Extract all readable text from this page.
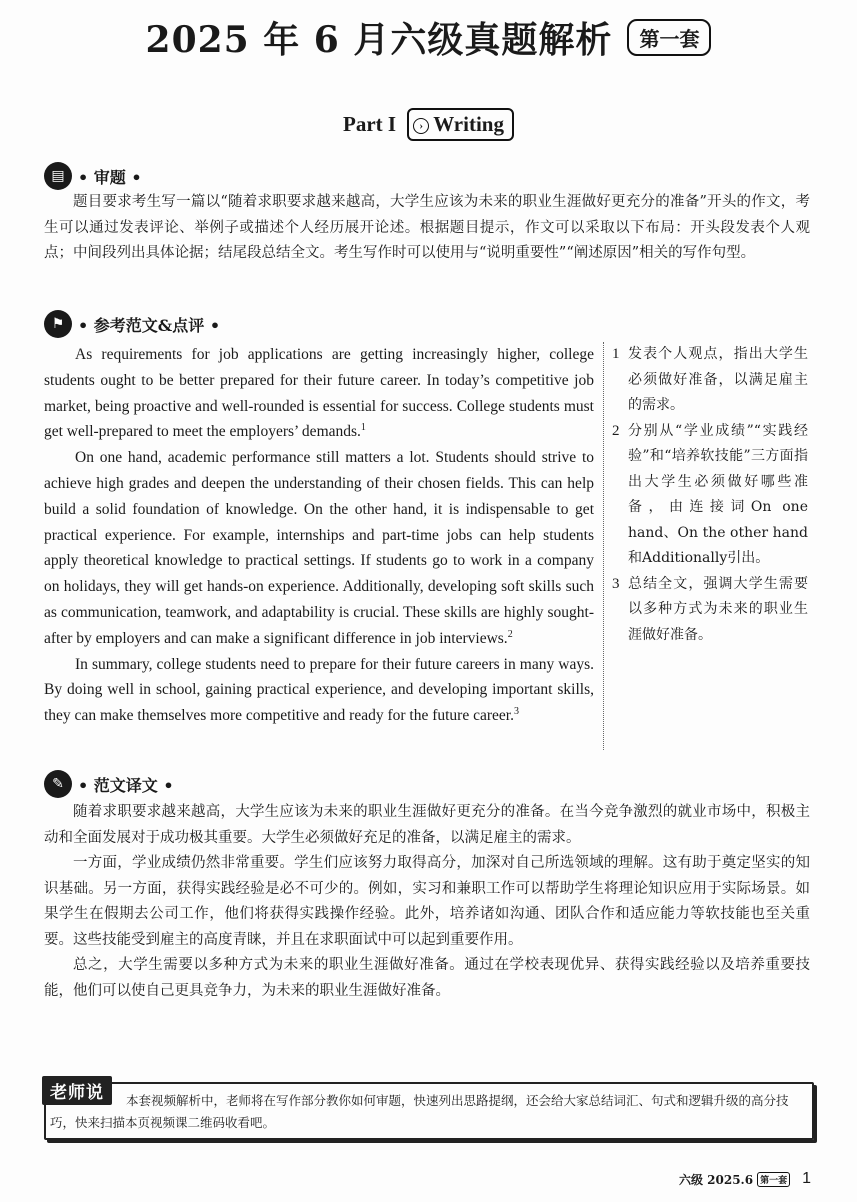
2025 年 6 月六级真题解析 第一套
Part I › Writing
▤ • 审题 •

题目要求考生写一篇以“随着求职要求越来越高，大学生应该为未来的职业生涯做好更充分的准备”开头的作文，考生可以通过发表评论、举例子或描述个人经历展开论述。根据题目提示，作文可以采取以下布局：开头段发表个人观点；中间段列出具体论据；结尾段总结全文。考生写作时可以使用与“说明重要性”“阐述原因”相关的写作句型。

⚑ • 参考范文&点评 •

As requirements for job applications are getting increasingly higher, college students ought to be better prepared for their future career. In today’s competitive job market, being proactive and well-rounded is essential for success. College students must get well-prepared to meet the employers’ demands.$^1$

On one hand, academic performance still matters a lot. Students should strive to achieve high grades and deepen the understanding of their chosen fields. This can help build a solid foundation of knowledge. On the other hand, it is indispensable to get practical experience. For example, internships and part-time jobs can help students apply theoretical knowledge to practical settings. If students go to work in a company on holidays, they will get hands-on experience. Additionally, developing soft skills such as communication, teamwork, and adaptability is crucial. These skills are highly sought-after by employers and can make a significant difference in job interviews.$^2$

In summary, college students need to prepare for their future careers in many ways. By doing well in school, gaining practical experience, and developing important skills, they can make themselves more competitive and ready for the future career.$^3$

1 发表个人观点，指出大学生必须做好准备，以满足雇主的需求。
2 分别从“学业成绩”“实践经验”和“培养软技能”三方面指出大学生必须做好哪些准备，由连接词On one hand、On the other hand和Additionally引出。
3 总结全文，强调大学生需要以多种方式为未来的职业生涯做好准备。
✎ • 范文译文 •

随着求职要求越来越高，大学生应该为未来的职业生涯做好更充分的准备。在当今竞争激烈的就业市场中，积极主动和全面发展对于成功极其重要。大学生必须做好充足的准备，以满足雇主的需求。

一方面，学业成绩仍然非常重要。学生们应该努力取得高分，加深对自己所选领域的理解。这有助于奠定坚实的知识基础。另一方面，获得实践经验是必不可少的。例如，实习和兼职工作可以帮助学生将理论知识应用于实际场景。如果学生在假期去公司工作，他们将获得实践操作经验。此外，培养诸如沟通、团队合作和适应能力等软技能也至关重要。这些技能受到雇主的高度青睐，并且在求职面试中可以起到重要作用。

总之，大学生需要以多种方式为未来的职业生涯做好准备。通过在学校表现优异、获得实践经验以及培养重要技能，他们可以使自己更具竞争力，为未来的职业生涯做好准备。

老师说	本套视频解析中，老师将在写作部分教你如何审题，快速列出思路提纲，还会给大家总结词汇、句式和逻辑升级的高分技巧，快来扫描本页视频课二维码收看吧。

六级 2025.6 第一套 1
